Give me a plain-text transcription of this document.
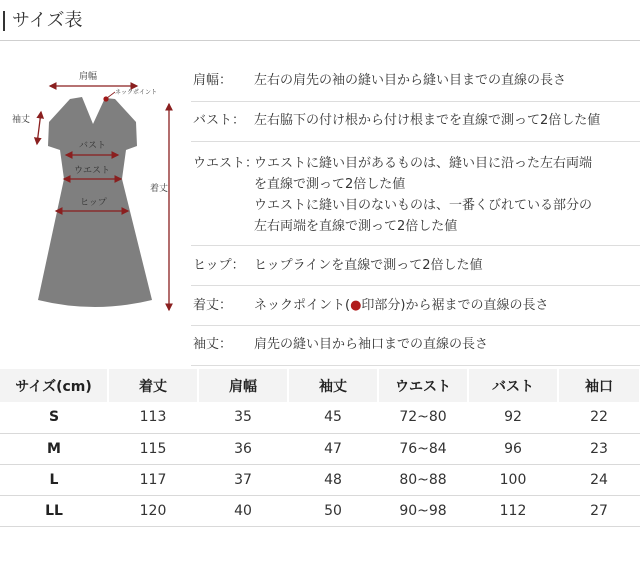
サイズ表
肩幅
ネックポイント
袖丈
バスト
ウエスト
ヒップ
着丈
肩幅：	左右の肩先の袖の縫い目から縫い目までの直線の長さ
バスト： 左右脇下の付け根から付け根までを直線で測って2倍した値
ウエスト：
ウエストに縫い目があるものは、縫い目に沿った左右両端
を直線で測って2倍した値
ウエストに縫い目のないものは、一番くびれている部分の
左右両端を直線で測って2倍した値
ヒップ： ヒップラインを直線で測って2倍した値
着丈：	ネックポイント(●印部分)から裾までの直線の長さ
袖丈：	肩先の縫い目から袖口までの直線の長さ
サイズ(cm)	着丈	肩幅	袖丈	ウエスト	バスト	袖口
S	113	35	45	72~80	92	22
M	115	36	47	76~84	96	23
L	117	37	48	80~88	100	24
LL	120	40	50	90~98	112	27
